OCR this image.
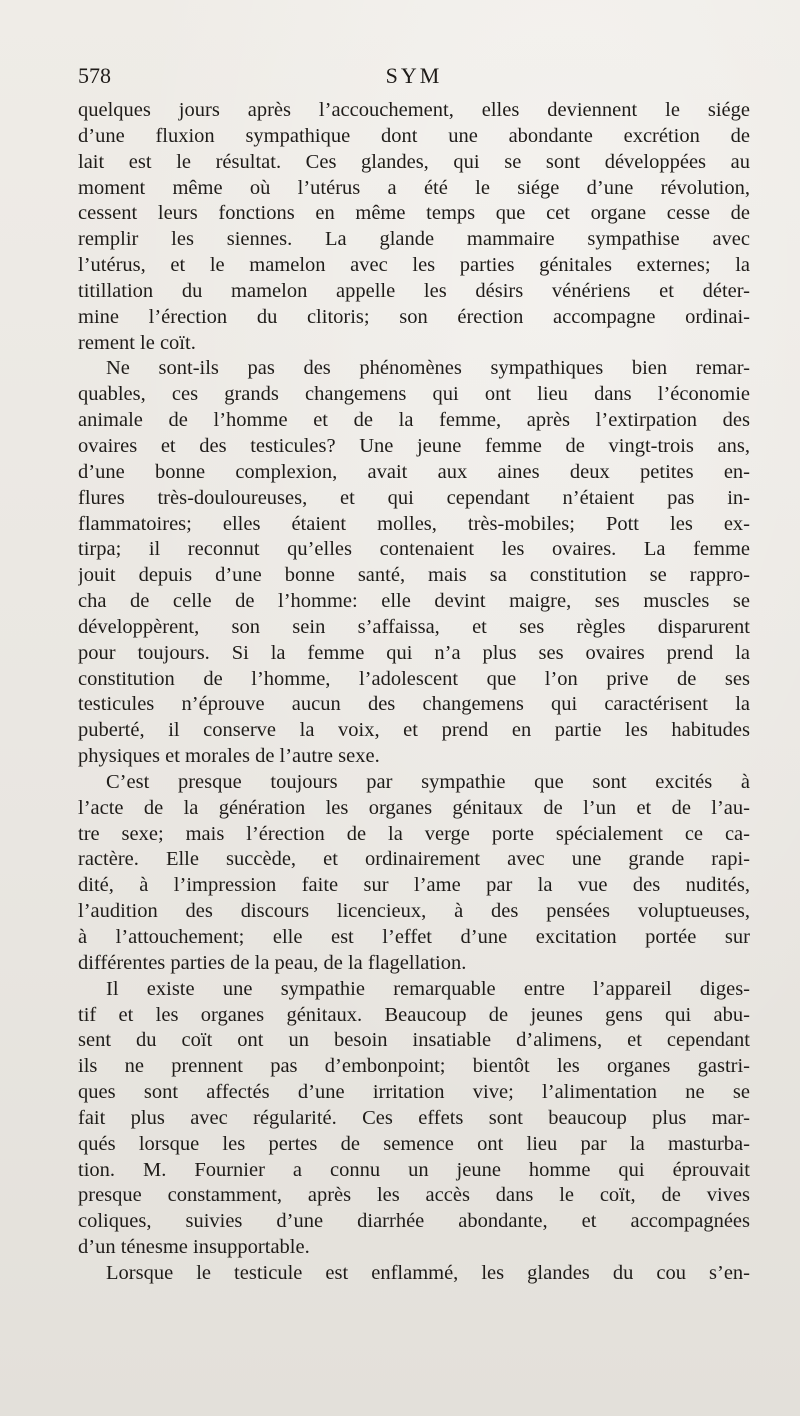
578	SYM
quelques jours après l’accouchement, elles deviennent le siége
d’une fluxion sympathique dont une abondante excrétion de
lait est le résultat. Ces glandes, qui se sont développées au
moment même où l’utérus a été le siége d’une révolution,
cessent leurs fonctions en même temps que cet organe cesse de
remplir les siennes. La glande mammaire sympathise avec
l’utérus, et le mamelon avec les parties génitales externes; la
titillation du mamelon appelle les désirs vénériens et déter-
mine l’érection du clitoris; son érection accompagne ordinai-
rement le coït.
Ne sont-ils pas des phénomènes sympathiques bien remar-
quables, ces grands changemens qui ont lieu dans l’économie
animale de l’homme et de la femme, après l’extirpation des
ovaires et des testicules? Une jeune femme de vingt-trois ans,
d’une bonne complexion, avait aux aines deux petites en-
flures très-douloureuses, et qui cependant n’étaient pas in-
flammatoires; elles étaient molles, très-mobiles; Pott les ex-
tirpa; il reconnut qu’elles contenaient les ovaires. La femme
jouit depuis d’une bonne santé, mais sa constitution se rappro-
cha de celle de l’homme: elle devint maigre, ses muscles se
développèrent, son sein s’affaissa, et ses règles disparurent
pour toujours. Si la femme qui n’a plus ses ovaires prend la
constitution de l’homme, l’adolescent que l’on prive de ses
testicules n’éprouve aucun des changemens qui caractérisent la
puberté, il conserve la voix, et prend en partie les habitudes
physiques et morales de l’autre sexe.
C’est presque toujours par sympathie que sont excités à
l’acte de la génération les organes génitaux de l’un et de l’au-
tre sexe; mais l’érection de la verge porte spécialement ce ca-
ractère. Elle succède, et ordinairement avec une grande rapi-
dité, à l’impression faite sur l’ame par la vue des nudités,
l’audition des discours licencieux, à des pensées voluptueuses,
à l’attouchement; elle est l’effet d’une excitation portée sur
différentes parties de la peau, de la flagellation.
Il existe une sympathie remarquable entre l’appareil diges-
tif et les organes génitaux. Beaucoup de jeunes gens qui abu-
sent du coït ont un besoin insatiable d’alimens, et cependant
ils ne prennent pas d’embonpoint; bientôt les organes gastri-
ques sont affectés d’une irritation vive; l’alimentation ne se
fait plus avec régularité. Ces effets sont beaucoup plus mar-
qués lorsque les pertes de semence ont lieu par la masturba-
tion. M. Fournier a connu un jeune homme qui éprouvait
presque constamment, après les accès dans le coït, de vives
coliques, suivies d’une diarrhée abondante, et accompagnées
d’un ténesme insupportable.
Lorsque le testicule est enflammé, les glandes du cou s’en-
